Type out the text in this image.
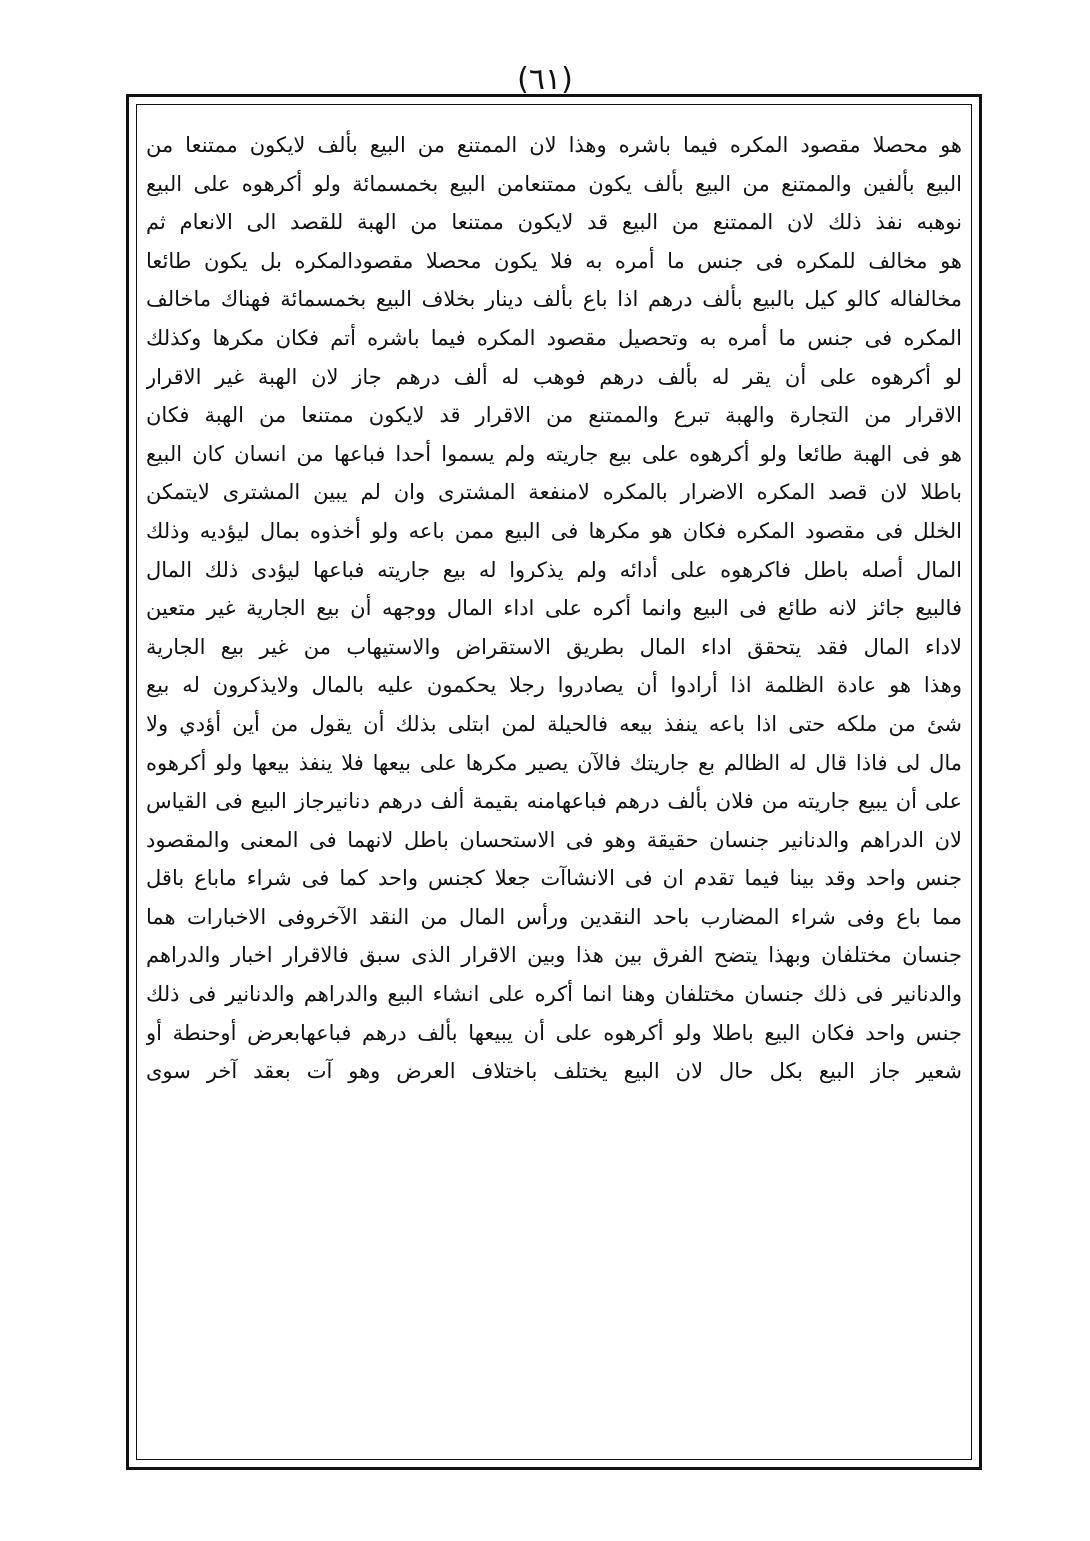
(٦١)
هو محصلا مقصود المكره فيما باشره وهذا لان الممتنع من البيع بألف لايكون ممتنعا من
البيع بألفين والممتنع من البيع بألف يكون ممتنعامن البيع بخمسمائة ولو أكرهوه على البيع
نوهبه نفذ ذلك لان الممتنع من البيع قد لايكون ممتنعا من الهبة للقصد الى الانعام ثم
هو مخالف للمكره فى جنس ما أمره به فلا يكون محصلا مقصودالمكره بل يكون طائعا
مخالفاله كالو كيل بالبيع بألف درهم اذا باع بألف دينار بخلاف البيع بخمسمائة فهناك ماخالف
المكره فى جنس ما أمره به وتحصيل مقصود المكره فيما باشره أتم فكان مكرها وكذلك
لو أكرهوه على أن يقر له بألف درهم فوهب له ألف درهم جاز لان الهبة غير الاقرار
الاقرار من التجارة والهبة تبرع والممتنع من الاقرار قد لايكون ممتنعا من الهبة فكان
هو فى الهبة طائعا ولو أكرهوه على بيع جاريته ولم يسموا أحدا فباعها من انسان كان البيع
باطلا لان قصد المكره الاضرار بالمكره لامنفعة المشترى وان لم يبين المشترى لايتمكن
الخلل فى مقصود المكره فكان هو مكرها فى البيع ممن باعه ولو أخذوه بمال ليؤديه وذلك
المال أصله باطل فاكرهوه على أدائه ولم يذكروا له بيع جاريته فباعها ليؤدى ذلك المال
فالبيع جائز لانه طائع فى البيع وانما أكره على اداء المال ووجهه أن بيع الجارية غير متعين
لاداء المال فقد يتحقق اداء المال بطريق الاستقراض والاستيهاب من غير بيع الجارية
وهذا هو عادة الظلمة اذا أرادوا أن يصادروا رجلا يحكمون عليه بالمال ولايذكرون له بيع
شئ من ملكه حتى اذا باعه ينفذ بيعه فالحيلة لمن ابتلى بذلك أن يقول من أين أؤدي ولا
مال لى فاذا قال له الظالم بع جاريتك فالآن يصير مكرها على بيعها فلا ينفذ بيعها ولو أكرهوه
على أن يبيع جاريته من فلان بألف درهم فباعهامنه بقيمة ألف درهم دنانيرجاز البيع فى القياس
لان الدراهم والدنانير جنسان حقيقة وهو فى الاستحسان باطل لانهما فى المعنى والمقصود
جنس واحد وقد بينا فيما تقدم ان فى الانشاآت جعلا كجنس واحد كما فى شراء ماباع باقل
مما باع وفى شراء المضارب باحد النقدين ورأس المال من النقد الآخروفى الاخبارات هما
جنسان مختلفان وبهذا يتضح الفرق بين هذا وبين الاقرار الذى سبق فالاقرار اخبار والدراهم
والدنانير فى ذلك جنسان مختلفان وهنا انما أكره على انشاء البيع والدراهم والدنانير فى ذلك
جنس واحد فكان البيع باطلا ولو أكرهوه على أن يبيعها بألف درهم فباعهابعرض أوحنطة أو
شعير جاز البيع بكل حال لان البيع يختلف باختلاف العرض وهو آت بعقد آخر سوى
